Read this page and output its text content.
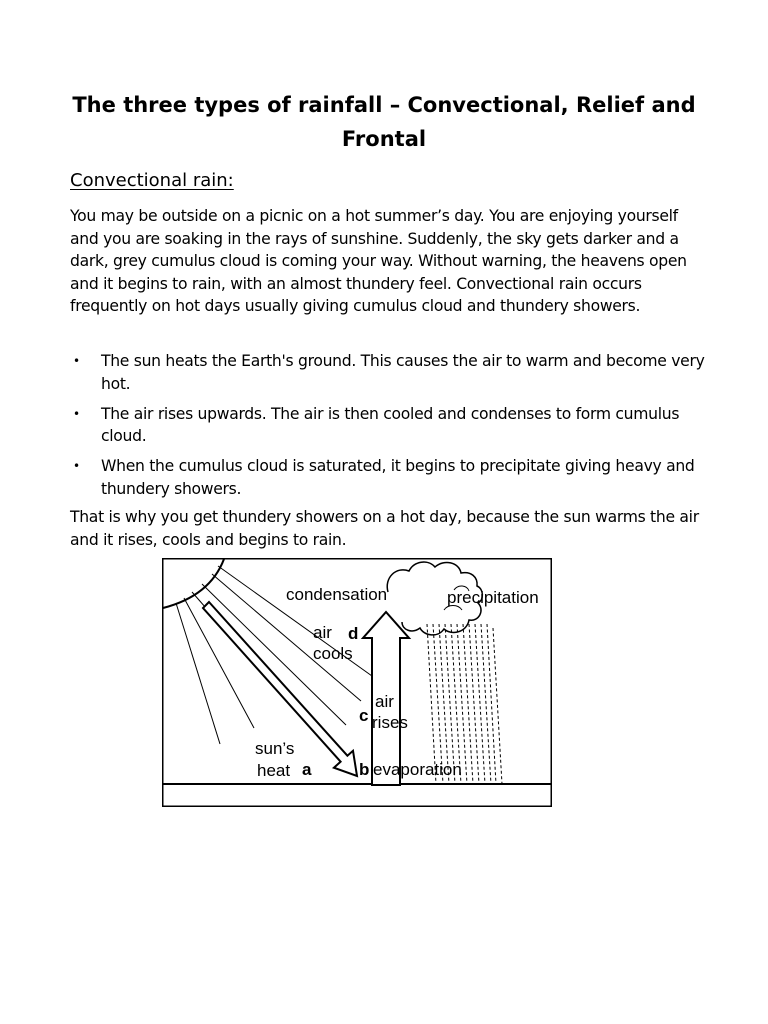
The three types of rainfall – Convectional, Relief and Frontal
Convectional rain:

You may be outside on a picnic on a hot summer’s day. You are enjoying yourself and you are soaking in the rays of sunshine. Suddenly, the sky gets darker and a dark, grey cumulus cloud is coming your way. Without warning, the heavens open and it begins to rain, with an almost thundery feel. Convectional rain occurs frequently on hot days usually giving cumulus cloud and thundery showers.

• The sun heats the Earth's ground. This causes the air to warm and become very hot.
• The air rises upwards. The air is then cooled and condenses to form cumulus cloud.
• When the cumulus cloud is saturated, it begins to precipitate giving heavy and thundery showers.

That is why you get thundery showers on a hot day, because the sun warms the air and it rises, cools and begins to rain.

condensation	precipitation
air
cools
d
air
rises
c
sun’s
heat a	b evaporation
